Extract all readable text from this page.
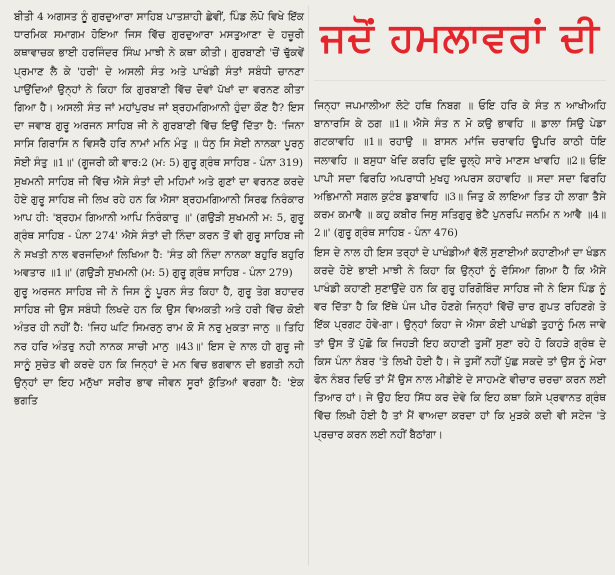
ਬੀਤੀ 4 ਅਗਸਤ ਨੂੰ ਗੁਰਦੁਆਰਾ ਸਾਹਿਬ ਪਾਤਸ਼ਾਹੀ ਛੇਵੀਂ, ਪਿੰਡ ਲੋਪੋ ਵਿਖੇ ਇੱਕ ਧਾਰਮਿਕ ਸਮਾਗਮ ਹੋਇਆ ਜਿਸ ਵਿੱਚ ਗੁਰਦੁਆਰਾ ਮਸਤੁਆਣਾ ਦੇ ਹਜ਼ੂਰੀ ਕਥਾਵਾਚਕ ਭਾਈ ਹਰਜਿੰਦਰ ਸਿੰਘ ਮਾਝੀ ਨੇ ਕਥਾ ਕੀਤੀ। ਗੁਰਬਾਣੀ 'ਚੋਂ ਢੁੱਕਵੇਂ ਪ੍ਰਮਾਣ ਲੈ ਕੇ 'ਹਰੀ' ਦੇ ਅਸਲੀ ਸੰਤ ਅਤੇ ਪਾਖੰਡੀ ਸੰਤਾਂ ਸਬੰਧੀ ਚਾਨਣਾ ਪਾਉਂਦਿਆਂ ਉਨ੍ਹਾਂ ਨੇ ਕਿਹਾ ਕਿ ਗੁਰਬਾਣੀ ਵਿੱਚ ਦੋਵਾਂ ਪੱਖਾਂ ਦਾ ਵਰਨਣ ਕੀਤਾ ਗਿਆ ਹੈ। ਅਸਲੀ ਸੰਤ ਜਾਂ ਮਹਾਂਪੁਰਖ ਜਾਂ ਬ੍ਰਹਮਗਿਆਨੀ ਹੁੰਦਾ ਕੌਣ ਹੈ? ਇਸ ਦਾ ਜਵਾਬ ਗੁਰੂ ਅਰਜਨ ਸਾਹਿਬ ਜੀ ਨੇ ਗੁਰਬਾਣੀ ਵਿੱਚ ਇਉਂ ਦਿੱਤਾ ਹੈ: 'ਜਿਨਾ ਸਾਸਿ ਗਿਰਾਸਿ ਨ ਵਿਸਰੈ ਹਰਿ ਨਾਮਾਂ ਮਨਿ ਮੰਤੁ ॥ ਧੰਨੁ ਸਿ ਸੇਈ ਨਾਨਕਾ ਪੂਰਨੁ ਸੋਈ ਸੰਤੁ ॥1॥' (ਗੂਜਰੀ ਕੀ ਵਾਰ:2 (ਮ: 5) ਗੁਰੂ ਗ੍ਰੰਥ ਸਾਹਿਬ - ਪੰਨਾ 319)

ਸੁਖਮਨੀ ਸਾਹਿਬ ਜੀ ਵਿੱਚ ਐਸੇ ਸੰਤਾਂ ਦੀ ਮਹਿਮਾਂ ਅਤੇ ਗੁਣਾਂ ਦਾ ਵਰਨਣ ਕਰਦੇ ਹੋਏ ਗੁਰੂ ਸਾਹਿਬ ਜੀ ਲਿਖ ਰਹੇ ਹਨ ਕਿ ਐਸਾ ਬ੍ਰਹਮਗਿਆਨੀ ਸਿਰਫ ਨਿਰੰਕਾਰ ਆਪ ਹੀ: 'ਬ੍ਰਹਮ ਗਿਆਨੀ ਆਪਿ ਨਿਰੰਕਾਰੁ ॥' (ਗਉੜੀ ਸੁਖਮਨੀ ਮ: 5, ਗੁਰੂ ਗ੍ਰੰਥ ਸਾਹਿਬ - ਪੰਨਾ 274' ਐਸੇ ਸੰਤਾਂ ਦੀ ਨਿੰਦਾ ਕਰਨ ਤੋਂ ਵੀ ਗੁਰੂ ਸਾਹਿਬ ਜੀ ਨੇ ਸਖਤੀ ਨਾਲ ਵਰਜਦਿਆਂ ਲਿਖਿਆ ਹੈ: 'ਸੰਤ ਕੀ ਨਿੰਦਾ ਨਾਨਕਾ ਬਹੁਰਿ ਬਹੁਰਿ ਅਵਤਾਰ ॥1॥' (ਗਉੜੀ ਸੁਖਮਨੀ (ਮ: 5) ਗੁਰੂ ਗ੍ਰੰਥ ਸਾਹਿਬ - ਪੰਨਾ 279)

ਗੁਰੂ ਅਰਜਨ ਸਾਹਿਬ ਜੀ ਨੇ ਜਿਸ ਨੂੰ ਪੂਰਨ ਸੰਤ ਕਿਹਾ ਹੈ, ਗੁਰੂ ਤੇਗ ਬਹਾਦਰ ਸਾਹਿਬ ਜੀ ਉਸ ਸਬੰਧੀ ਲਿਖਦੇ ਹਨ ਕਿ ਉਸ ਵਿਅਕਤੀ ਅਤੇ ਹਰੀ ਵਿੱਚ ਕੋਈ ਅੰਤਰ ਹੀ ਨਹੀਂ ਹੈ: 'ਜਿਹ ਘਟਿ ਸਿਮਰਨੁ ਰਾਮ ਕੋ ਸੋ ਨਰੁ ਮੁਕਤਾ ਜਾਨੁ ॥ ਤਿਹਿ ਨਰ ਹਰਿ ਅੰਤਰੁ ਨਹੀ ਨਾਨਕ ਸਾਚੀ ਮਾਨੁ ॥43॥' ਇਸ ਦੇ ਨਾਲ ਹੀ ਗੁਰੂ ਜੀ ਸਾਨੂੰ ਸੁਚੇਤ ਵੀ ਕਰਦੇ ਹਨ ਕਿ ਜਿਨ੍ਹਾਂ ਦੇ ਮਨ ਵਿਚ ਭਗਵਾਨ ਦੀ ਭਗਤੀ ਨਹੀ ਉਨ੍ਹਾਂ ਦਾ ਇਹ ਮਨੁੱਖਾ ਸਰੀਰ ਭਾਵ ਜੀਵਨ ਸੂਰਾਂ ਕੁੱਤਿਆਂ ਵਰਗਾ ਹੈ: 'ਏਕ ਭਗਤਿ

ਜਦੋਂ ਹਮਲਾਵਰਾਂ ਦੀ

ਜਿਨ੍ਹਾ ਜਪਮਾਲੀਆ ਲੋਟੇ ਹਥਿ ਨਿਬਗ ॥ ਓਇ ਹਰਿ ਕੇ ਸੰਤ ਨ ਆਖੀਅਹਿ ਬਾਨਾਰਸਿ ਕੇ ਠਗ ॥1॥ ਐਸੇ ਸੰਤ ਨ ਮੋ ਕਉ ਭਾਵਹਿ ॥ ਡਾਲਾ ਸਿਉ ਪੇਡਾ ਗਟਕਾਵਹਿ ॥1॥ ਰਹਾਉ ॥ ਬਾਸਨ ਮਾਂਜਿ ਚਰਾਵਹਿ ਊਪਰਿ ਕਾਠੀ ਧੋਇ ਜਲਾਵਹਿ ॥ ਬਸੁਧਾ ਖੋਦਿ ਕਰਹਿ ਦੁਇ ਚੂਲ੍ਹੇ ਸਾਰੇ ਮਾਣਸ ਖਾਵਹਿ ॥2॥ ਓਇ ਪਾਪੀ ਸਦਾ ਫਿਰਹਿ ਅਪਰਾਧੀ ਮੁਖਹੁ ਅਪਰਸ ਕਹਾਵਹਿ ॥ ਸਦਾ ਸਦਾ ਫਿਰਹਿ ਅਭਿਮਾਨੀ ਸਗਲ ਕੁਟੰਬ ਡੁਬਾਵਹਿ ॥3॥ ਜਿਤੁ ਕੋ ਲਾਇਆ ਤਿਤ ਹੀ ਲਾਗਾ ਤੈਸੇ ਕਰਮ ਕਮਾਵੈ ॥ ਕਹੁ ਕਬੀਰ ਜਿਸੁ ਸਤਿਗੁਰੁ ਭੇਟੈ ਪੁਨਰਪਿ ਜਨਮਿ ਨ ਆਵੈ ॥4॥2॥' (ਗੁਰੂ ਗ੍ਰੰਥ ਸਾਹਿਬ - ਪੰਨਾ 476)

ਇਸ ਦੇ ਨਾਲ ਹੀ ਇਸ ਤਰ੍ਹਾਂ ਦੇ ਪਾਖੰਡੀਆਂ ਵੱਲੋਂ ਸੁਣਾਈਆਂ ਕਹਾਣੀਆਂ ਦਾ ਖੰਡਨ ਕਰਦੇ ਹੋਏ ਭਾਈ ਮਾਝੀ ਨੇ ਕਿਹਾ ਕਿ ਉਨ੍ਹਾਂ ਨੂੰ ਦੱਸਿਆ ਗਿਆ ਹੈ ਕਿ ਐਸੇ ਪਾਖੰਡੀ ਕਹਾਣੀ ਸੁਣਾਉਂਦੇ ਹਨ ਕਿ ਗੁਰੂ ਹਰਿਗੋਬਿੰਦ ਸਾਹਿਬ ਜੀ ਨੇ ਇਸ ਪਿੰਡ ਨੂੰ ਵਰ ਦਿੱਤਾ ਹੈ ਕਿ ਇੱਥੇ ਪੰਜ ਪੀਰ ਹੋਣਗੇ ਜਿਨ੍ਹਾਂ ਵਿੱਚੋਂ ਚਾਰ ਗੁਪਤ ਰਹਿਣਗੇ ਤੇ ਇੱਕ ਪ੍ਰਗਟ ਹੋਵੇ-ਗਾ। ਉਨ੍ਹਾਂ ਕਿਹਾ ਜੇ ਐਸਾ ਕੋਈ ਪਾਖੰਡੀ ਤੁਹਾਨੂੰ ਮਿਲ ਜਾਵੇ ਤਾਂ ਉਸ ਤੋਂ ਪੁੱਛੋ ਕਿ ਜਿਹੜੀ ਇਹ ਕਹਾਣੀ ਤੁਸੀਂ ਸੁਣਾ ਰਹੇ ਹੋ ਕਿਹੜੇ ਗ੍ਰੰਥ ਦੇ ਕਿਸ ਪੰਨਾ ਨੰਬਰ 'ਤੇ ਲਿਖੀ ਹੋਈ ਹੈ। ਜੇ ਤੁਸੀਂ ਨਹੀਂ ਪੁੱਛ ਸਕਦੇ ਤਾਂ ਉਸ ਨੂੰ ਮੇਰਾ ਫੋਨ ਨੰਬਰ ਦਿਓ ਤਾਂ ਮੈਂ ਉਸ ਨਾਲ ਮੀਡੀਏ ਦੇ ਸਾਹਮਣੇ ਵੀਚਾਰ ਚਰਚਾ ਕਰਨ ਲਈ ਤਿਆਰ ਹਾਂ। ਜੇ ਉਹ ਇਹ ਸਿੱਧ ਕਰ ਦੇਵੇ ਕਿ ਇਹ ਕਥਾ ਕਿਸੇ ਪ੍ਰਵਾਨਤ ਗ੍ਰੰਥ ਵਿੱਚ ਲਿਖੀ ਹੋਈ ਹੈ ਤਾਂ ਮੈਂ ਵਾਅਦਾ ਕਰਦਾ ਹਾਂ ਕਿ ਮੁੜਕੇ ਕਦੀ ਵੀ ਸਟੇਜ 'ਤੇ ਪ੍ਰਚਾਰ ਕਰਨ ਲਈ ਨਹੀਂ ਬੈਠਾਂਗਾ।
